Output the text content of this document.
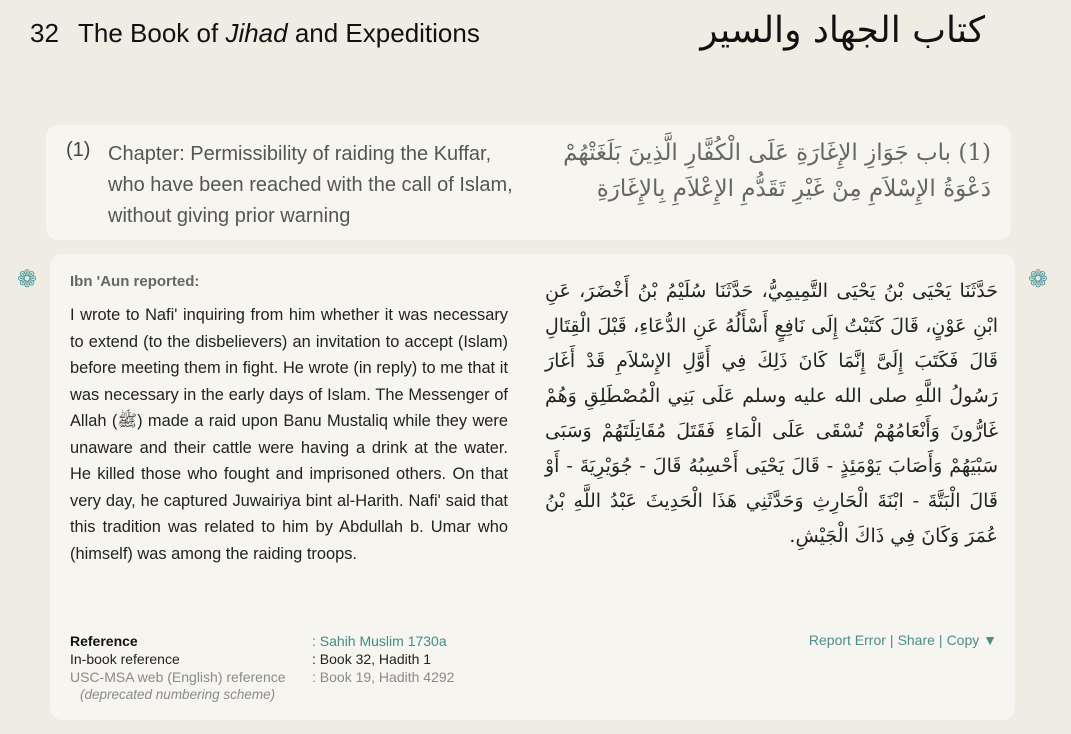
32 The Book of Jihad and Expeditions	كتاب الجهاد والسير
(1) Chapter: Permissibility of raiding the Kuffar, who have been reached with the call of Islam, without giving prior warning
(1) باب جَوَازِ الإِغَارَةِ عَلَى الْكُفَّارِ الَّذِينَ بَلَغَتْهُمْ دَعْوَةُ الإِسْلاَمِ مِنْ غَيْرِ تَقَدُّمِ الإِعْلاَمِ بِالإِغَارَةِ
❁	❁
Ibn 'Aun reported:
I wrote to Nafi' inquiring from him whether it was necessary to extend (to the disbelievers) an invitation to accept (Islam) before meeting them in fight. He wrote (in reply) to me that it was necessary in the early days of Islam. The Messenger of Allah (ﷺ) made a raid upon Banu Mustaliq while they were unaware and their cattle were having a drink at the water. He killed those who fought and imprisoned others. On that very day, he captured Juwairiya bint al-Harith. Nafi' said that this tradition was related to him by Abdullah b. Umar who (himself) was among the raiding troops.
حَدَّثَنَا يَحْيَى بْنُ يَحْيَى التَّمِيمِيُّ، حَدَّثَنَا سُلَيْمُ بْنُ أَخْضَرَ، عَنِ ابْنِ عَوْنٍ، قَالَ كَتَبْتُ إِلَى نَافِعٍ أَسْأَلُهُ عَنِ الدُّعَاءِ، قَبْلَ الْقِتَالِ قَالَ فَكَتَبَ إِلَىَّ إِنَّمَا كَانَ ذَلِكَ فِي أَوَّلِ الإِسْلاَمِ قَدْ أَغَارَ رَسُولُ اللَّهِ صلى الله عليه وسلم عَلَى بَنِي الْمُصْطَلِقِ وَهُمْ غَارُّونَ وَأَنْعَامُهُمْ تُسْقَى عَلَى الْمَاءِ فَقَتَلَ مُقَاتِلَتَهُمْ وَسَبَى سَبْيَهُمْ وَأَصَابَ يَوْمَئِذٍ - قَالَ يَحْيَى أَحْسِبُهُ قَالَ - جُوَيْرِيَةَ - أَوْ قَالَ الْبَتَّةَ - ابْنَةَ الْحَارِثِ وَحَدَّثَنِي هَذَا الْحَدِيثَ عَبْدُ اللَّهِ بْنُ عُمَرَ وَكَانَ فِي ذَاكَ الْجَيْشِ.
Reference	: Sahih Muslim 1730a
In-book reference	: Book 32, Hadith 1
USC-MSA web (English) reference	: Book 19, Hadith 4292
(deprecated numbering scheme)
Report Error | Share | Copy ▼
